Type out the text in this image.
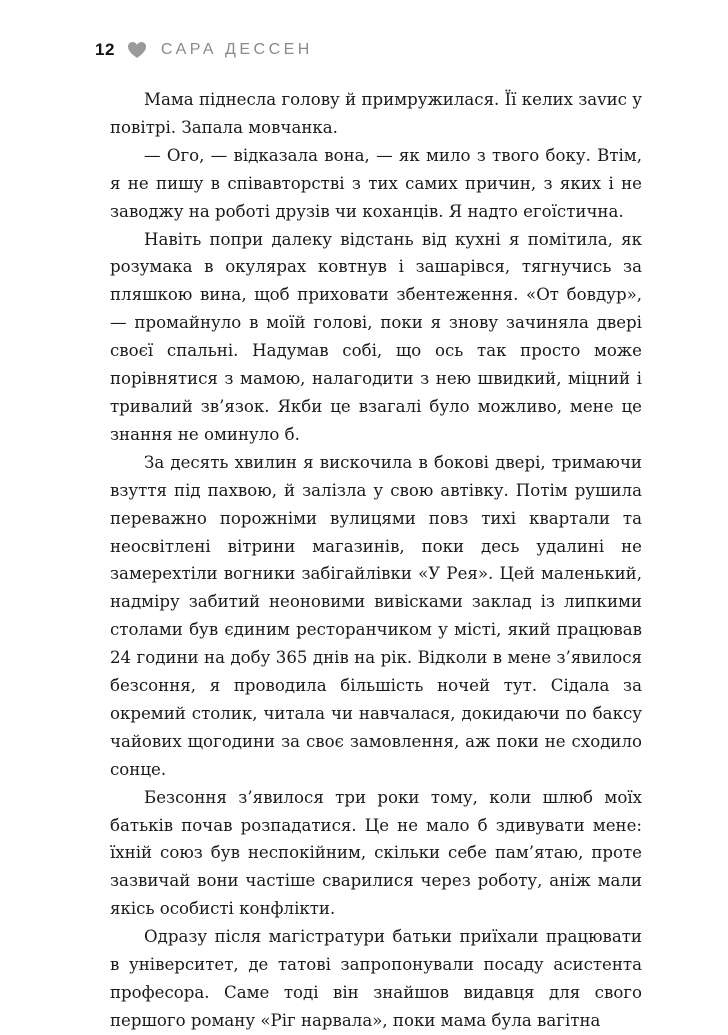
12	САРА ДЕССЕН

Мама піднесла голову й примружилася. Її келих заvис у повітрі. Запала мовчанка.

— Ого, — відказала вона, — як мило з твого боку. Втім, я не пишу в співавторстві з тих самих причин, з яких і не заводжу на роботі друзів чи коханців. Я надто егоїстична.

Навіть попри далеку відстань від кухні я помітила, як розумака в окулярах ковтнув і зашарівся, тягнучись за пляшкою вина, щоб приховати збентеження. «От бовдур», — промайнуло в моїй голові, поки я знову зачиняла двері своєї спальні. Надумав собі, що ось так просто може порівнятися з мамою, налагодити з нею швидкий, міцний і тривалий зв’язок. Якби це взагалі було можливо, мене це знання не оминуло б.

За десять хвилин я вискочила в бокові двері, тримаючи взуття під пахвою, й залізла у свою автівку. Потім рушила переважно порожніми вулицями повз тихі квартали та неосвітлені вітрини магазинів, поки десь удалині не замерехтіли вогники забігайлівки «У Рея». Цей маленький, надміру забитий неоновими вивісками заклад із липкими столами був єдиним ресторанчиком у місті, який працював 24 години на добу 365 днів на рік. Відколи в мене з’явилося безсоння, я проводила більшість ночей тут. Сідала за окремий столик, читала чи навчалася, докидаючи по баксу чайових щогодини за своє замовлення, аж поки не сходило сонце.

Безсоння з’явилося три роки тому, коли шлюб моїх батьків почав розпадатися. Це не мало б здивувати мене: їхній союз був неспокійним, скільки себе пам’ятаю, проте зазвичай вони частіше сварилися через роботу, аніж мали якісь особисті конфлікти.

Одразу після магістратури батьки приїхали працювати в університет, де татові запропонували посаду асистента професора. Саме тоді він знайшов видавця для свого першого роману «Ріг нарвала», поки мама була вагітна
